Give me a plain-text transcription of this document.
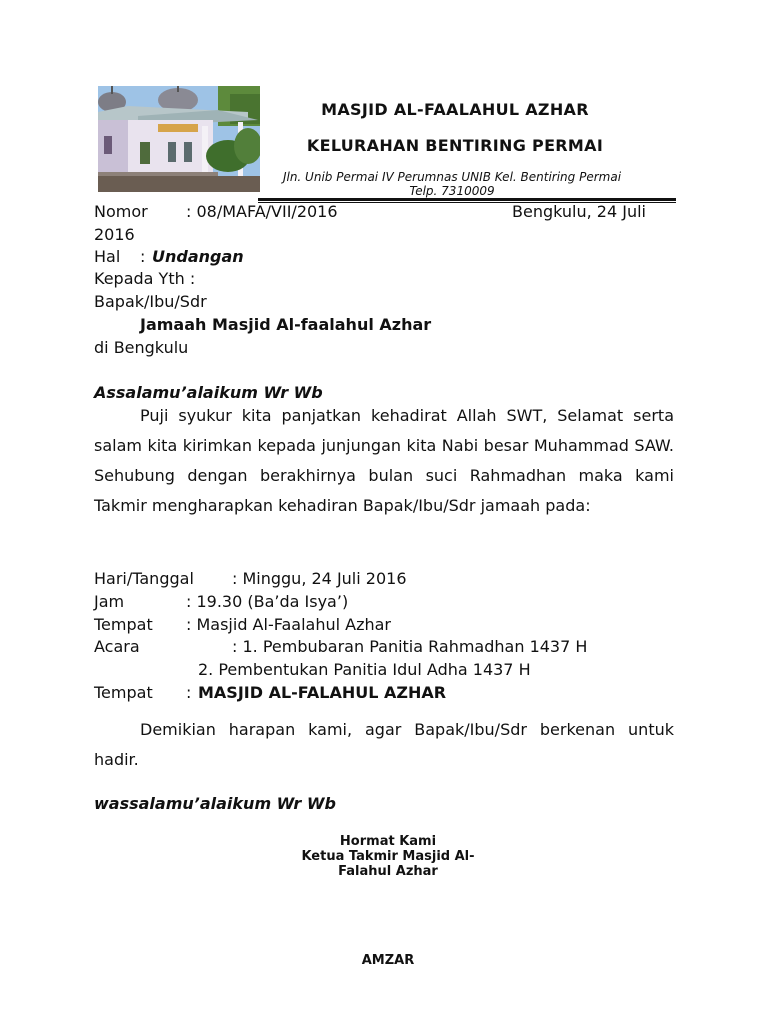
MASJID AL-FAALAHUL AZHAR
KELURAHAN BENTIRING PERMAI
Jln. Unib Permai IV Perumnas UNIB Kel. Bentiring Permai
Telp. 7310009
Nomor : 08/MAFA/VII/2016	Bengkulu, 24 Juli
2016
Hal : Undangan
Kepada Yth :
Bapak/Ibu/Sdr
Jamaah Masjid Al-faalahul Azhar
di Bengkulu
Assalamu’alaikum Wr Wb
Puji syukur kita panjatkan kehadirat Allah SWT, Selamat serta salam kita kirimkan kepada junjungan kita Nabi besar Muhammad SAW. Sehubung dengan berakhirnya bulan suci Rahmadhan maka kami Takmir mengharapkan kehadiran Bapak/Ibu/Sdr jamaah pada:
Hari/Tanggal : Minggu, 24 Juli 2016
Jam	: 19.30 (Ba’da Isya’)
Tempat : Masjid Al-Faalahul Azhar
Acara	: 1. Pembubaran Panitia Rahmadhan 1437 H
2. Pembentukan Panitia Idul Adha 1437 H
Tempat : MASJID AL-FALAHUL AZHAR
Demikian harapan kami, agar Bapak/Ibu/Sdr berkenan untuk hadir.
wassalamu’alaikum Wr Wb
Hormat Kami
Ketua Takmir Masjid Al-
Falahul Azhar
AMZAR
